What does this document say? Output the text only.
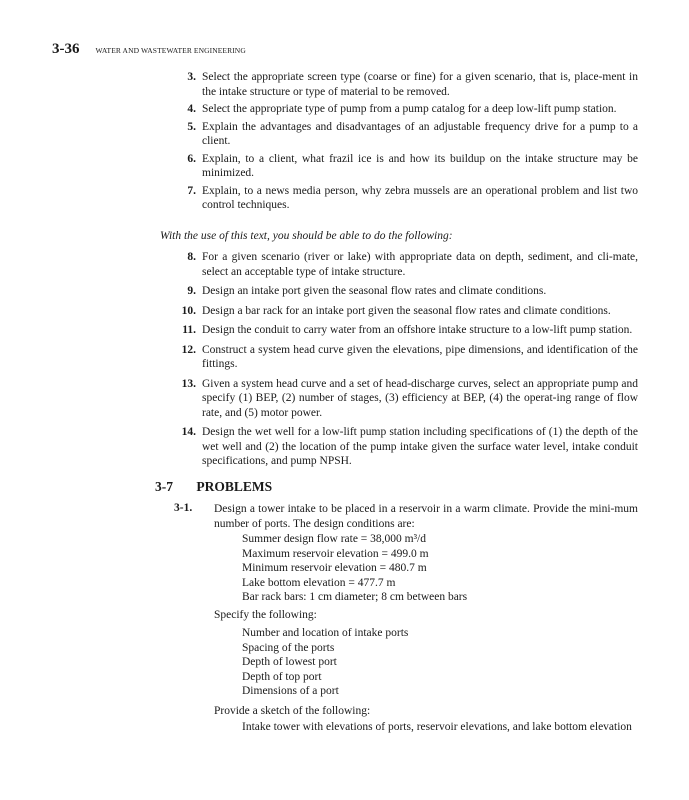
3-36 WATER AND WASTEWATER ENGINEERING
3. Select the appropriate screen type (coarse or fine) for a given scenario, that is, place-ment in the intake structure or type of material to be removed.
4. Select the appropriate type of pump from a pump catalog for a deep low-lift pump station.
5. Explain the advantages and disadvantages of an adjustable frequency drive for a pump to a client.
6. Explain, to a client, what frazil ice is and how its buildup on the intake structure may be minimized.
7. Explain, to a news media person, why zebra mussels are an operational problem and list two control techniques.

With the use of this text, you should be able to do the following:

8. For a given scenario (river or lake) with appropriate data on depth, sediment, and cli-mate, select an acceptable type of intake structure.
9. Design an intake port given the seasonal flow rates and climate conditions.
10. Design a bar rack for an intake port given the seasonal flow rates and climate conditions.
11. Design the conduit to carry water from an offshore intake structure to a low-lift pump station.
12. Construct a system head curve given the elevations, pipe dimensions, and identification of the fittings.
13. Given a system head curve and a set of head-discharge curves, select an appropriate pump and specify (1) BEP, (2) number of stages, (3) efficiency at BEP, (4) the operat-ing range of flow rate, and (5) motor power.
14. Design the wet well for a low-lift pump station including specifications of (1) the depth of the wet well and (2) the location of the pump intake given the surface water level, intake conduit specifications, and pump NPSH.
3-7 PROBLEMS
3-1. Design a tower intake to be placed in a reservoir in a warm climate. Provide the mini-mum number of ports. The design conditions are:

Summer design flow rate = 38,000 m³/d
Maximum reservoir elevation = 499.0 m
Minimum reservoir elevation = 480.7 m
Lake bottom elevation = 477.7 m
Bar rack bars: 1 cm diameter; 8 cm between bars

Specify the following:

Number and location of intake ports
Spacing of the ports
Depth of lowest port
Depth of top port
Dimensions of a port

Provide a sketch of the following:

Intake tower with elevations of ports, reservoir elevations, and lake bottom elevation
